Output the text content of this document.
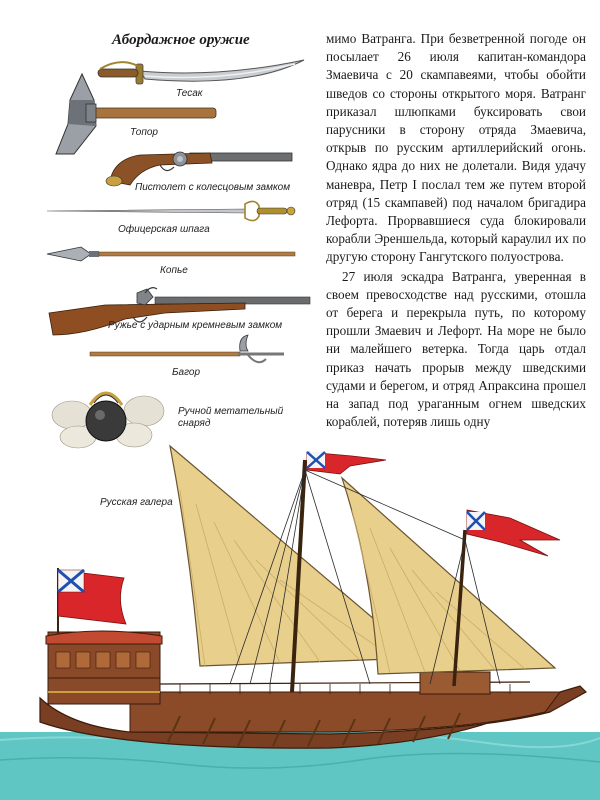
Абордажное оружие
Тесак
Топор
Пистолет с колесцовым замком
Офицерская шпага
Копье
Ружье с ударным кремневым замком
Багор
Ручной метательный
снаряд

мимо Ватранга. При безветренной погоде он посылает 26 июля капитан-командора Змаевича с 20 скампавеями, чтобы обойти шведов со стороны открытого моря. Ватранг приказал шлюпками буксировать свои парусники в сторону отряда Змаевича, открыв по русским артиллерийский огонь. Однако ядра до них не долетали. Видя удачу маневра, Петр I послал тем же путем второй отряд (15 скампавей) под началом бригадира Лефорта. Прорвавшиеся суда блокировали корабли Эреншельда, который караулил их по другую сторону Гангутского полуострова.

27 июля эскадра Ватранга, уверенная в своем превосходстве над русскими, отошла от берега и перекрыла путь, по которому прошли Змаевич и Лефорт. На море не было ни малейшего ветерка. Тогда царь отдал приказ начать прорыв между шведскими судами и берегом, и отряд Апраксина прошел на запад под ураганным огнем шведских кораблей, потеряв лишь одну

Русская галера
